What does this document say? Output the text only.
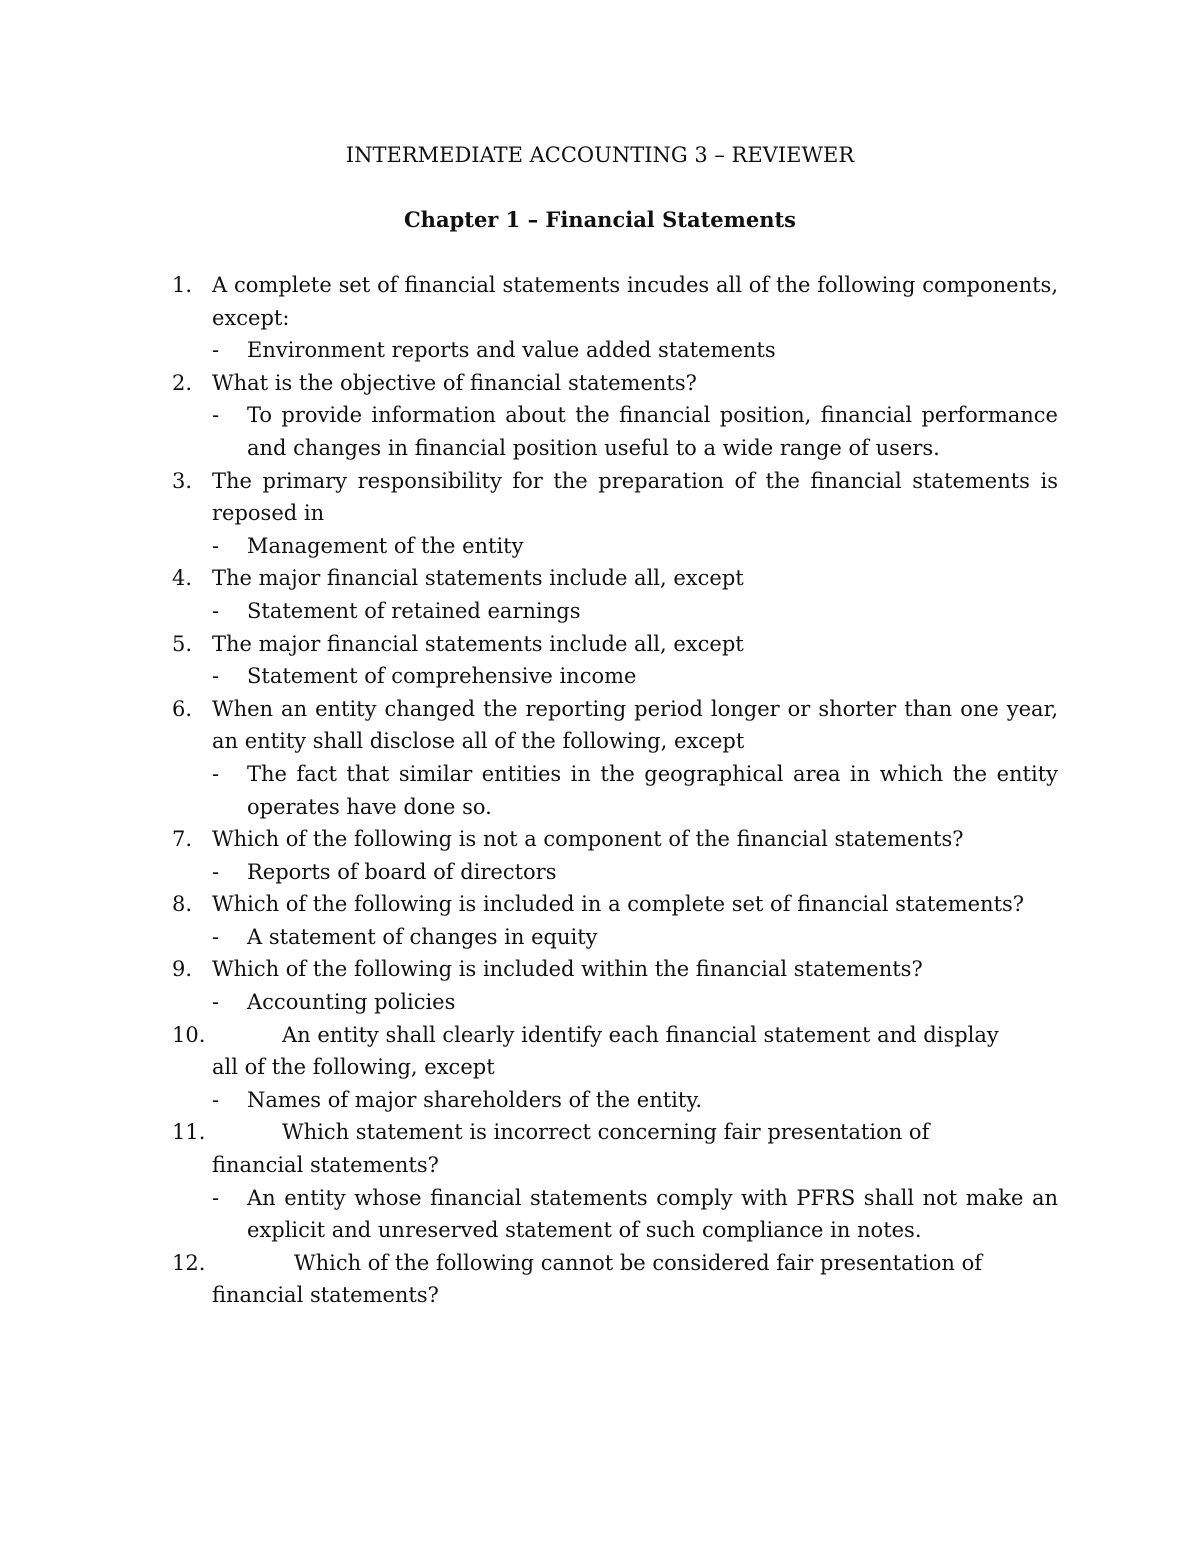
INTERMEDIATE ACCOUNTING 3 – REVIEWER
Chapter 1 – Financial Statements
1. A complete set of financial statements incudes all of the following components, except:
- Environment reports and value added statements
2. What is the objective of financial statements?
- To provide information about the financial position, financial performance and changes in financial position useful to a wide range of users.
3. The primary responsibility for the preparation of the financial statements is reposed in
- Management of the entity
4. The major financial statements include all, except
- Statement of retained earnings
5. The major financial statements include all, except
- Statement of comprehensive income
6. When an entity changed the reporting period longer or shorter than one year, an entity shall disclose all of the following, except
- The fact that similar entities in the geographical area in which the entity operates have done so.
7. Which of the following is not a component of the financial statements?
- Reports of board of directors
8. Which of the following is included in a complete set of financial statements?
- A statement of changes in equity
9. Which of the following is included within the financial statements?
- Accounting policies
10.	An entity shall clearly identify each financial statement and display
all of the following, except
- Names of major shareholders of the entity.
11.	Which statement is incorrect concerning fair presentation of
financial statements?
- An entity whose financial statements comply with PFRS shall not make an explicit and unreserved statement of such compliance in notes.
12.	Which of the following cannot be considered fair presentation of
financial statements?
